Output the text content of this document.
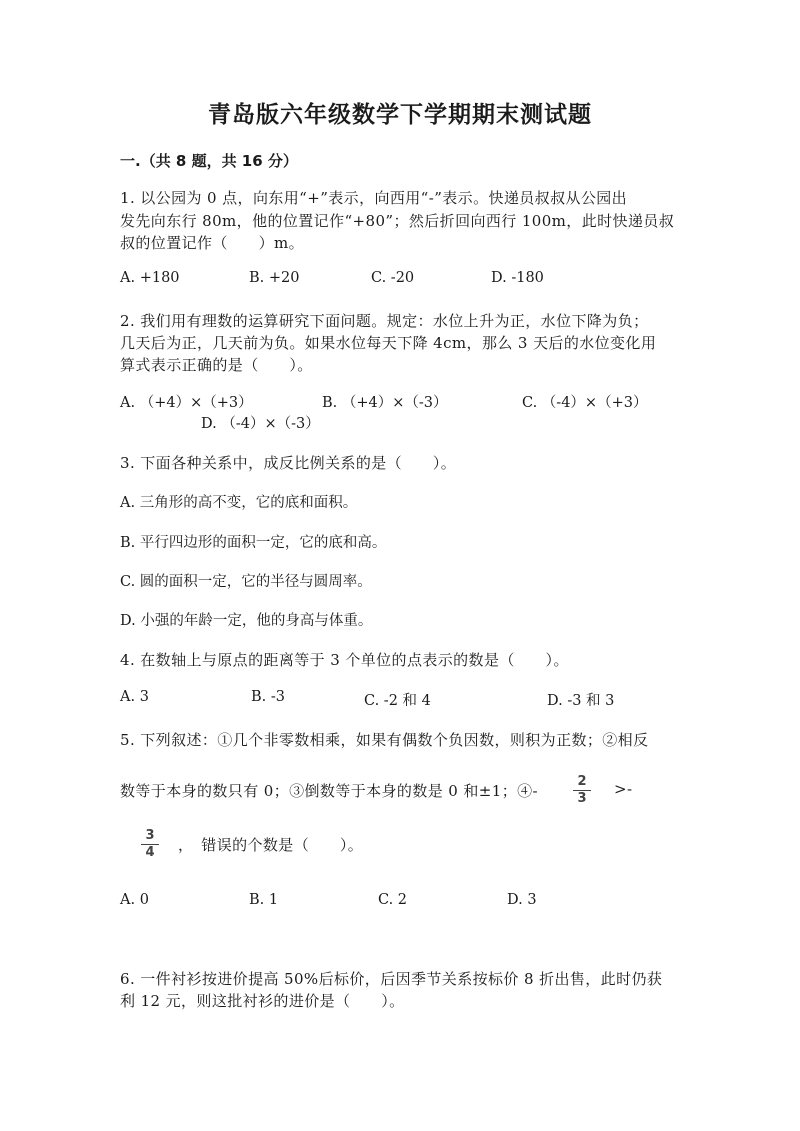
青岛版六年级数学下学期期末测试题
一.（共 8 题，共 16 分）
1. 以公园为 0 点，向东用“+”表示，向西用“-”表示。快递员叔叔从公园出
发先向东行 80m，他的位置记作“+80”；然后折回向西行 100m，此时快递员叔
叔的位置记作（　　）m。
A. +180	B. +20	C. -20	D. -180
2. 我们用有理数的运算研究下面问题。规定：水位上升为正，水位下降为负；
几天后为正，几天前为负。如果水位每天下降 4cm，那么 3 天后的水位变化用
算式表示正确的是（　　）。
A. （+4）×（+3）	B. （+4）×（-3）	C. （-4）×（+3）
D. （-4）×（-3）
3. 下面各种关系中，成反比例关系的是（　　）。
A. 三角形的高不变，它的底和面积。
B. 平行四边形的面积一定，它的底和高。
C. 圆的面积一定，它的半径与圆周率。
D. 小强的年龄一定，他的身高与体重。
4. 在数轴上与原点的距离等于 3 个单位的点表示的数是（　　）。
A. 3	B. -3	C. -2 和 4	D. -3 和 3
5. 下列叙述：①几个非零数相乘，如果有偶数个负因数，则积为正数；②相反
数等于本身的数只有 0；③倒数等于本身的数是 0 和±1；④-
2
3
>-
3
4 ，　错误的个数是（　　）。
A. 0	B. 1	C. 2	D. 3
6. 一件衬衫按进价提高 50%后标价，后因季节关系按标价 8 折出售，此时仍获
利 12 元，则这批衬衫的进价是（　　）。
